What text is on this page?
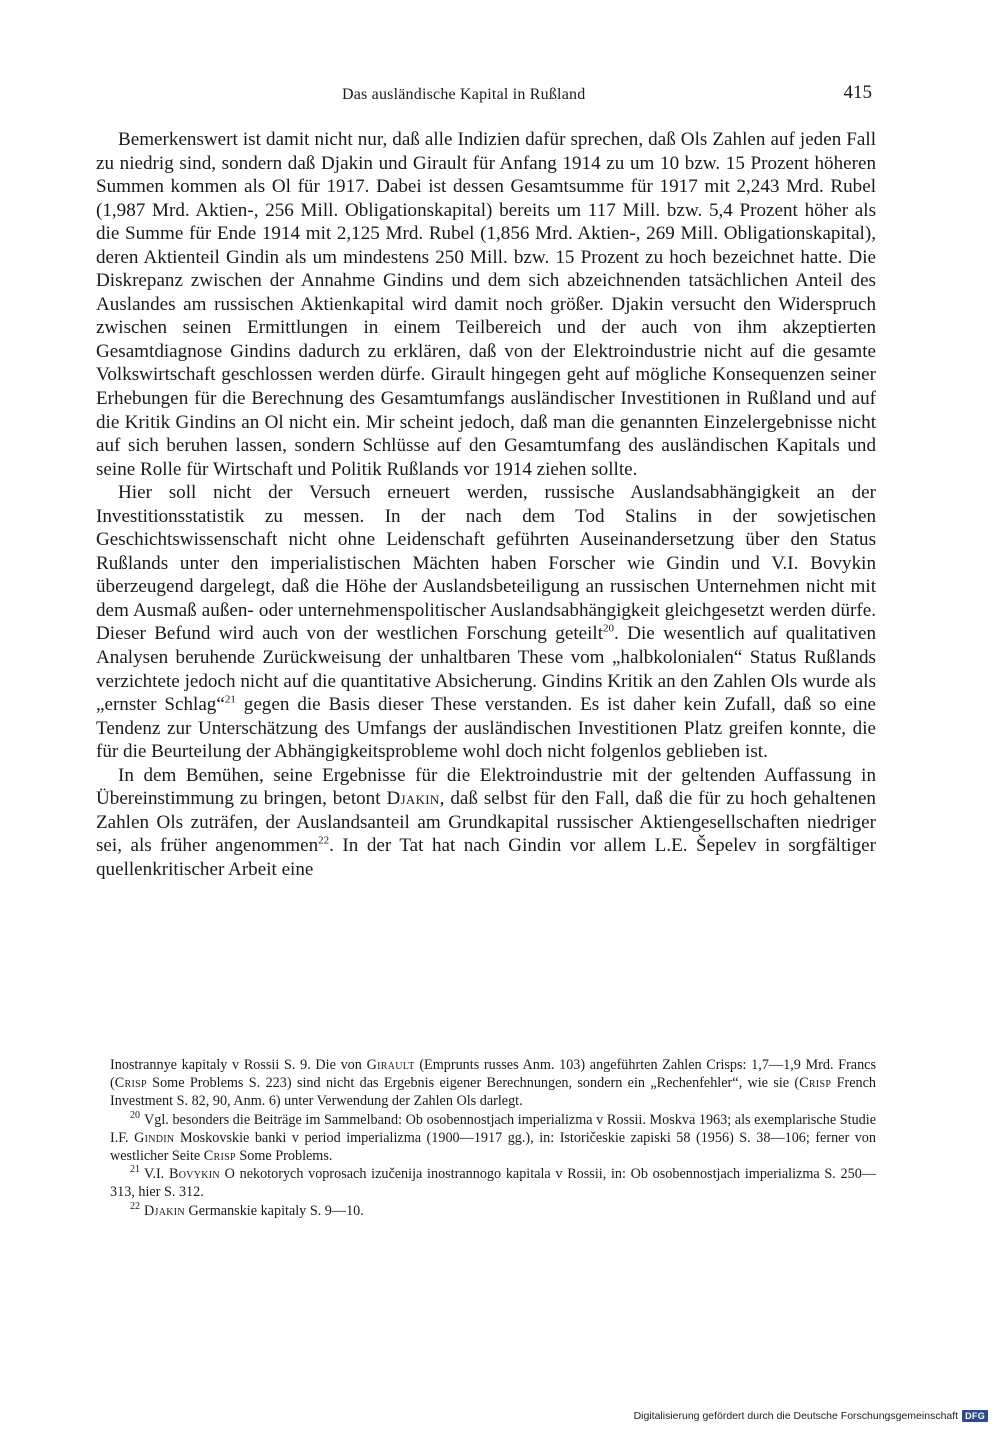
Das ausländische Kapital in Rußland	415

Bemerkenswert ist damit nicht nur, daß alle Indizien dafür sprechen, daß Ols Zahlen auf jeden Fall zu niedrig sind, sondern daß Djakin und Girault für Anfang 1914 zu um 10 bzw. 15 Prozent höheren Summen kommen als Ol für 1917. Dabei ist dessen Gesamtsumme für 1917 mit 2,243 Mrd. Rubel (1,987 Mrd. Aktien-, 256 Mill. Obligationskapital) bereits um 117 Mill. bzw. 5,4 Prozent höher als die Summe für Ende 1914 mit 2,125 Mrd. Rubel (1,856 Mrd. Aktien-, 269 Mill. Obligationskapital), deren Aktienteil Gindin als um mindestens 250 Mill. bzw. 15 Prozent zu hoch bezeichnet hatte. Die Diskrepanz zwischen der Annahme Gindins und dem sich abzeichnenden tatsächlichen Anteil des Auslandes am russischen Aktienkapital wird damit noch größer. Djakin versucht den Widerspruch zwischen seinen Ermittlungen in einem Teilbereich und der auch von ihm akzeptierten Gesamtdiagnose Gindins dadurch zu erklären, daß von der Elektroindustrie nicht auf die gesamte Volkswirtschaft geschlossen werden dürfe. Girault hingegen geht auf mögliche Konsequenzen seiner Erhebungen für die Berechnung des Gesamtumfangs ausländischer Investitionen in Rußland und auf die Kritik Gindins an Ol nicht ein. Mir scheint jedoch, daß man die genannten Einzelergebnisse nicht auf sich beruhen lassen, sondern Schlüsse auf den Gesamtumfang des ausländischen Kapitals und seine Rolle für Wirtschaft und Politik Rußlands vor 1914 ziehen sollte.

Hier soll nicht der Versuch erneuert werden, russische Auslandsabhängigkeit an der Investitionsstatistik zu messen. In der nach dem Tod Stalins in der sowjetischen Geschichtswissenschaft nicht ohne Leidenschaft geführten Auseinandersetzung über den Status Rußlands unter den imperialistischen Mächten haben Forscher wie Gindin und V.I. Bovykin überzeugend dargelegt, daß die Höhe der Auslandsbeteiligung an russischen Unternehmen nicht mit dem Ausmaß außen- oder unternehmenspolitischer Auslandsabhängigkeit gleichgesetzt werden dürfe. Dieser Befund wird auch von der westlichen Forschung geteilt$^{20}$. Die wesentlich auf qualitativen Analysen beruhende Zurückweisung der unhaltbaren These vom „halbkolonialen“ Status Rußlands verzichtete jedoch nicht auf die quantitative Absicherung. Gindins Kritik an den Zahlen Ols wurde als „ernster Schlag“$^{21}$ gegen die Basis dieser These verstanden. Es ist daher kein Zufall, daß so eine Tendenz zur Unterschätzung des Umfangs der ausländischen Investitionen Platz greifen konnte, die für die Beurteilung der Abhängigkeitsprobleme wohl doch nicht folgenlos geblieben ist.

In dem Bemühen, seine Ergebnisse für die Elektroindustrie mit der geltenden Auffassung in Übereinstimmung zu bringen, betont Djakin, daß selbst für den Fall, daß die für zu hoch gehaltenen Zahlen Ols zuträfen, der Auslandsanteil am Grundkapital russischer Aktiengesellschaften niedriger sei, als früher angenommen$^{22}$. In der Tat hat nach Gindin vor allem L.E. Šepelev in sorgfältiger quellenkritischer Arbeit eine

Inostrannye kapitaly v Rossii S. 9. Die von Girault (Emprunts russes Anm. 103) angeführten Zahlen Crisps: 1,7—1,9 Mrd. Francs (Crisp Some Problems S. 223) sind nicht das Ergebnis eigener Berechnungen, sondern ein „Rechenfehler“, wie sie (Crisp French Investment S. 82, 90, Anm. 6) unter Verwendung der Zahlen Ols darlegt.

$^{20}$ Vgl. besonders die Beiträge im Sammelband: Ob osobennostjach imperializma v Rossii. Moskva 1963; als exemplarische Studie I.F. Gindin Moskovskie banki v period imperializma (1900—1917 gg.), in: Istoričeskie zapiski 58 (1956) S. 38—106; ferner von westlicher Seite Crisp Some Problems.

$^{21}$ V.I. Bovykin O nekotorych voprosach izučenija inostrannogo kapitala v Rossii, in: Ob osobennostjach imperializma S. 250—313, hier S. 312.

$^{22}$ Djakin Germanskie kapitaly S. 9—10.

Digitalisierung gefördert durch die Deutsche Forschungsgemeinschaft DFG
